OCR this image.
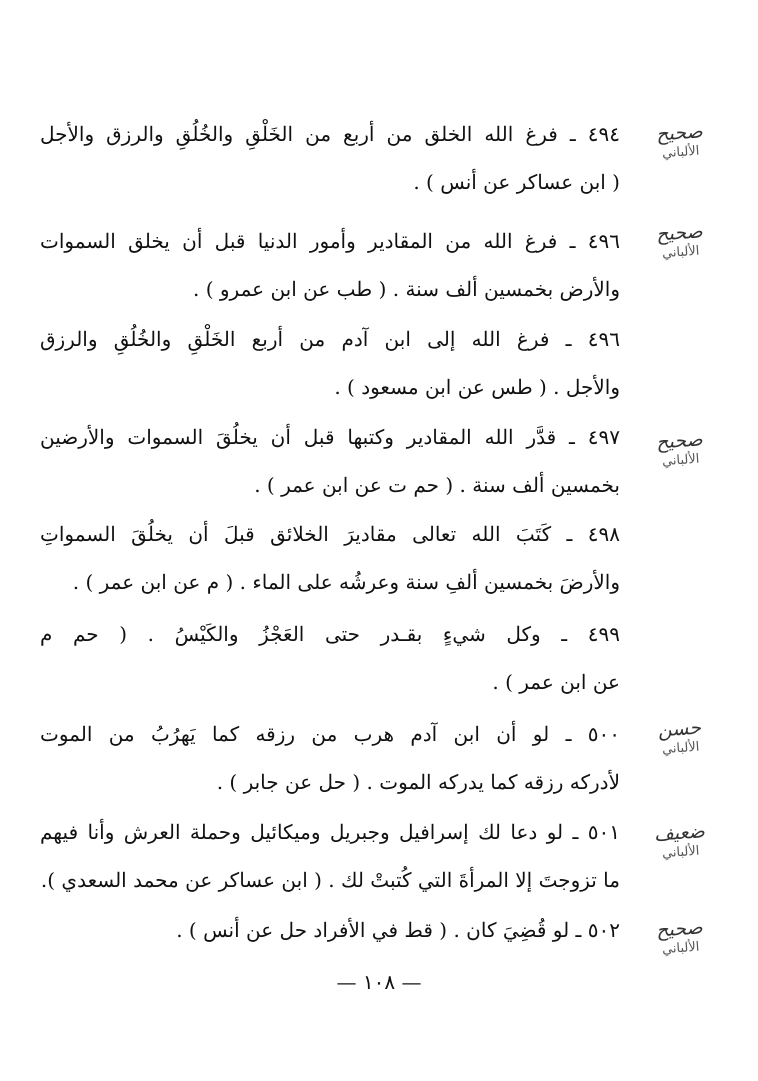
٤٩٤ ـ فرغ الله الخلق من أربع من الخَلْقِ والخُلُقِ والرزق والأجل
( ابن عساكر عن أنس ) .
٤٩٦ ـ فرغ الله من المقادير وأمور الدنيا قبل أن يخلق السموات
والأرض بخمسين ألف سنة . ( طب عن ابن عمرو ) .
٤٩٦ ـ فرغ الله إلى ابن آدم من أربع الخَلْقِ والخُلُقِ والرزق
والأجل . ( طس عن ابن مسعود ) .
٤٩٧ ـ قدَّر الله المقادير وكتبها قبل أن يخلُقَ السموات والأرضين
بخمسين ألف سنة . ( حم ت عن ابن عمر ) .
٤٩٨ ـ كَتَبَ الله تعالى مقاديرَ الخلائق قبلَ أن يخلُقَ السمواتِ
والأرضَ بخمسين ألفِ سنة وعرشُه على الماء . ( م عن ابن عمر ) .
٤٩٩ ـ وكل شيءٍ بقـدر حتى العَجْزُ والكَيْسُ . ( حم م
عن ابن عمر ) .
٥٠٠ ـ لو أن ابن آدم هرب من رزقه كما يَهرُبُ من الموت
لأدركه رزقه كما يدركه الموت . ( حل عن جابر ) .
٥٠١ ـ لو دعا لك إسرافيل وجبريل وميكائيل وحملة العرش وأنا فيهم
ما تزوجتَ إلا المرأةَ التي كُتبتْ لك . ( ابن عساكر عن محمد السعدي ).
٥٠٢ ـ لو قُضِيَ كان . ( قط في الأفراد حل عن أنس ) .
صحيح
الألباني
صحيح
الألباني
صحيح
الألباني
حسن
الألباني
ضعيف
الألباني
صحيح
الألباني
— ١٠٨ —
